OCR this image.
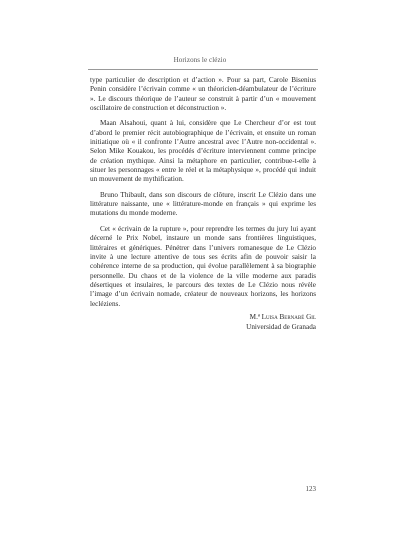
Horizons le clézio

type particulier de description et d’action ». Pour sa part, Carole Bisenius Penin considère l’écrivain comme « un théoricien-déambulateur de l’écriture ». Le discours théorique de l’auteur se construit à partir d’un « mouvement oscillatoire de construction et déconstruction ».

Maan Alsahoui, quant à lui, considère que Le Chercheur d’or est tout d’abord le premier récit autobiographique de l’écrivain, et ensuite un roman initiatique où « il confronte l’Autre ancestral avec l’Autre non-occidental ». Selon Mike Kouakou, les procédés d’écriture interviennent comme principe de création mythique. Ainsi la métaphore en particulier, contribue-t-elle à situer les personnages « entre le réel et la métaphysique », procédé qui induit un mouvement de mythification.

Bruno Thibault, dans son discours de clôture, inscrit Le Clézio dans une littérature naissante, une « littérature-monde en français » qui exprime les mutations du monde moderne.

Cet « écrivain de la rupture », pour reprendre les termes du jury lui ayant décerné le Prix Nobel, instaure un monde sans frontières linguistiques, littéraires et génériques. Pénétrer dans l’univers romanesque de Le Clézio invite à une lecture attentive de tous ses écrits afin de pouvoir saisir la cohérence interne de sa production, qui évolue parallèlement à sa biographie personnelle. Du chaos et de la violence de la ville moderne aux paradis désertiques et insulaires, le parcours des textes de Le Clézio nous révèle l’image d’un écrivain nomade, créateur de nouveaux horizons, les horizons lecléziens.

M.ª Luisa Bernabé Gil
Universidad de Granada
123
